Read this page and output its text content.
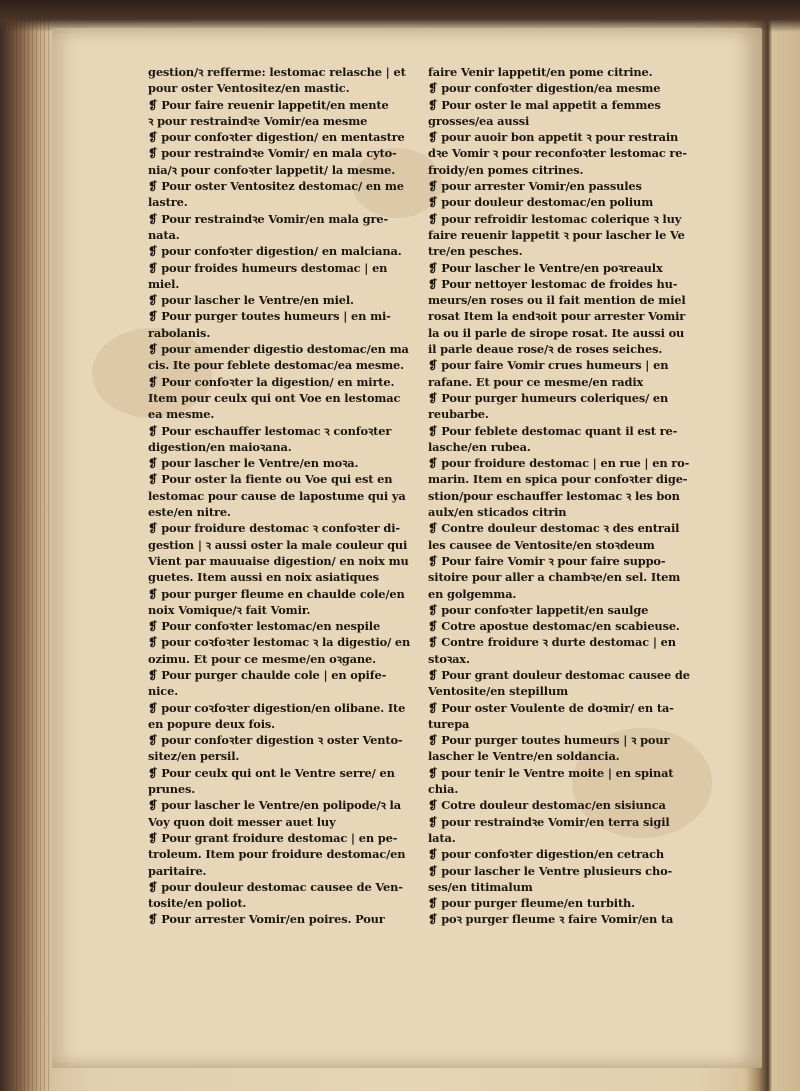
gestion/ꝛ refferme: lestomac relasche | et
pour oster Ventositez/en mastic.
❡ Pour faire reuenir lappetit/en mente
ꝛ pour restraindꝛe Vomir/ea mesme
❡ pour confoꝛter digestion/ en mentastre
❡ pour restraindꝛe Vomir/ en mala cyto-
nia/ꝛ pour confoꝛter lappetit/ la mesme.
❡ Pour oster Ventositez destomac/ en me
lastre.
❡ Pour restraindꝛe Vomir/en mala gre-
nata.
❡ pour confoꝛter digestion/ en malciana.
❡ pour froides humeurs destomac | en
miel.
❡ pour lascher le Ventre/en miel.
❡ Pour purger toutes humeurs | en mi-
rabolanis.
❡ pour amender digestio destomac/en ma
cis. Ite pour feblete destomac/ea mesme.
❡ Pour confoꝛter la digestion/ en mirte.
Item pour ceulx qui ont Voe en lestomac
ea mesme.
❡ Pour eschauffer lestomac ꝛ confoꝛter
digestion/en maioꝛana.
❡ pour lascher le Ventre/en moꝛa.
❡ Pour oster la fiente ou Voe qui est en
lestomac pour cause de lapostume qui ya
este/en nitre.
❡ pour froidure destomac ꝛ confoꝛter di-
gestion | ꝛ aussi oster la male couleur qui
Vient par mauuaise digestion/ en noix mu
guetes. Item aussi en noix asiatiques
❡ pour purger fleume en chaulde cole/en
noix Vomique/ꝛ fait Vomir.
❡ Pour confoꝛter lestomac/en nespile
❡ pour coꝛfoꝛter lestomac ꝛ la digestio/ en
ozimu. Et pour ce mesme/en oꝛgane.
❡ Pour purger chaulde cole | en opife-
nice.
❡ pour coꝛfoꝛter digestion/en olibane. Ite
en popure deux fois.
❡ pour confoꝛter digestion ꝛ oster Vento-
sitez/en persil.
❡ Pour ceulx qui ont le Ventre serre/ en
prunes.
❡ pour lascher le Ventre/en polipode/ꝛ la
Voy quon doit messer auet luy
❡ Pour grant froidure destomac | en pe-
troleum. Item pour froidure destomac/en
paritaire.
❡ pour douleur destomac causee de Ven-
tosite/en poliot.
❡ Pour arrester Vomir/en poires. Pour
faire Venir lappetit/en pome citrine.
❡ pour confoꝛter digestion/ea mesme
❡ Pour oster le mal appetit a femmes
grosses/ea aussi
❡ pour auoir bon appetit ꝛ pour restrain
dꝛe Vomir ꝛ pour reconfoꝛter lestomac re-
froidy/en pomes citrines.
❡ pour arrester Vomir/en passules
❡ pour douleur destomac/en polium
❡ pour refroidir lestomac colerique ꝛ luy
faire reuenir lappetit ꝛ pour lascher le Ve
tre/en pesches.
❡ Pour lascher le Ventre/en poꝛreaulx
❡ Pour nettoyer lestomac de froides hu-
meurs/en roses ou il fait mention de miel
rosat Item la endꝛoit pour arrester Vomir
la ou il parle de sirope rosat. Ite aussi ou
il parle deaue rose/ꝛ de roses seiches.
❡ pour faire Vomir crues humeurs | en
rafane. Et pour ce mesme/en radix
❡ Pour purger humeurs coleriques/ en
reubarbe.
❡ Pour feblete destomac quant il est re-
lasche/en rubea.
❡ pour froidure destomac | en rue | en ro-
marin. Item en spica pour confoꝛter dige-
stion/pour eschauffer lestomac ꝛ les bon
aulx/en sticados citrin
❡ Contre douleur destomac ꝛ des entrail
les causee de Ventosite/en stoꝛdeum
❡ Pour faire Vomir ꝛ pour faire suppo-
sitoire pour aller a chambꝛe/en sel. Item
en golgemma.
❡ pour confoꝛter lappetit/en saulge
❡ Cotre apostue destomac/en scabieuse.
❡ Contre froidure ꝛ durte destomac | en
stoꝛax.
❡ Pour grant douleur destomac causee de
Ventosite/en stepillum
❡ Pour oster Voulente de doꝛmir/ en ta-
turepa
❡ Pour purger toutes humeurs | ꝛ pour
lascher le Ventre/en soldancia.
❡ pour tenir le Ventre moite | en spinat
chia.
❡ Cotre douleur destomac/en sisiunca
❡ pour restraindꝛe Vomir/en terra sigil
lata.
❡ pour confoꝛter digestion/en cetrach
❡ pour lascher le Ventre plusieurs cho-
ses/en titimalum
❡ pour purger fleume/en turbith.
❡ poꝛ purger fleume ꝛ faire Vomir/en ta
